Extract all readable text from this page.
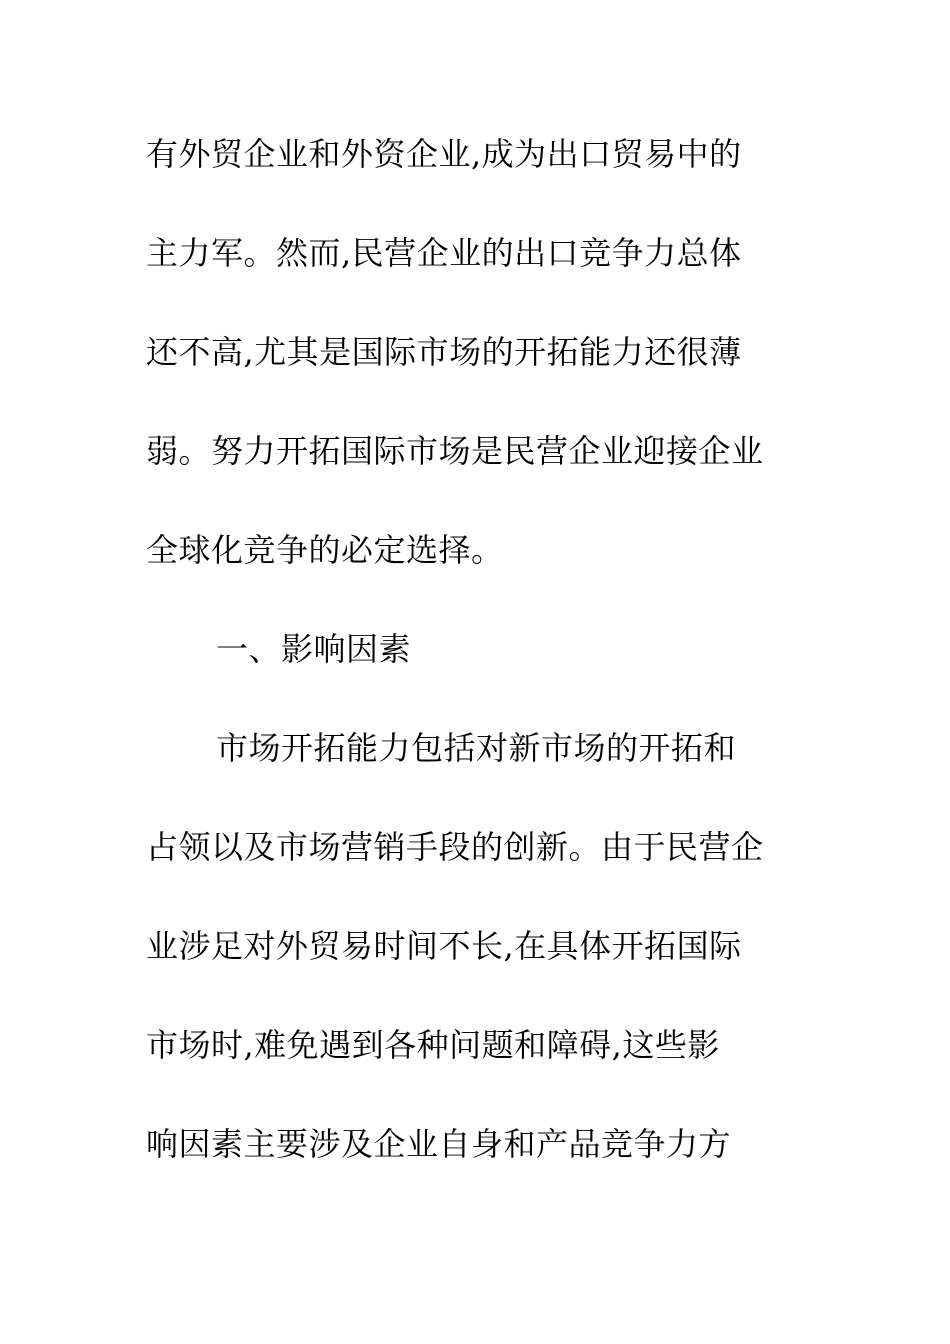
有外贸企业和外资企业,成为出口贸易中的
主力军。然而,民营企业的出口竞争力总体
还不高,尤其是国际市场的开拓能力还很薄
弱。努力开拓国际市场是民营企业迎接企业
全球化竞争的必定选择。
一、影响因素
市场开拓能力包括对新市场的开拓和
占领以及市场营销手段的创新。由于民营企
业涉足对外贸易时间不长,在具体开拓国际
市场时,难免遇到各种问题和障碍,这些影
响因素主要涉及企业自身和产品竞争力方
